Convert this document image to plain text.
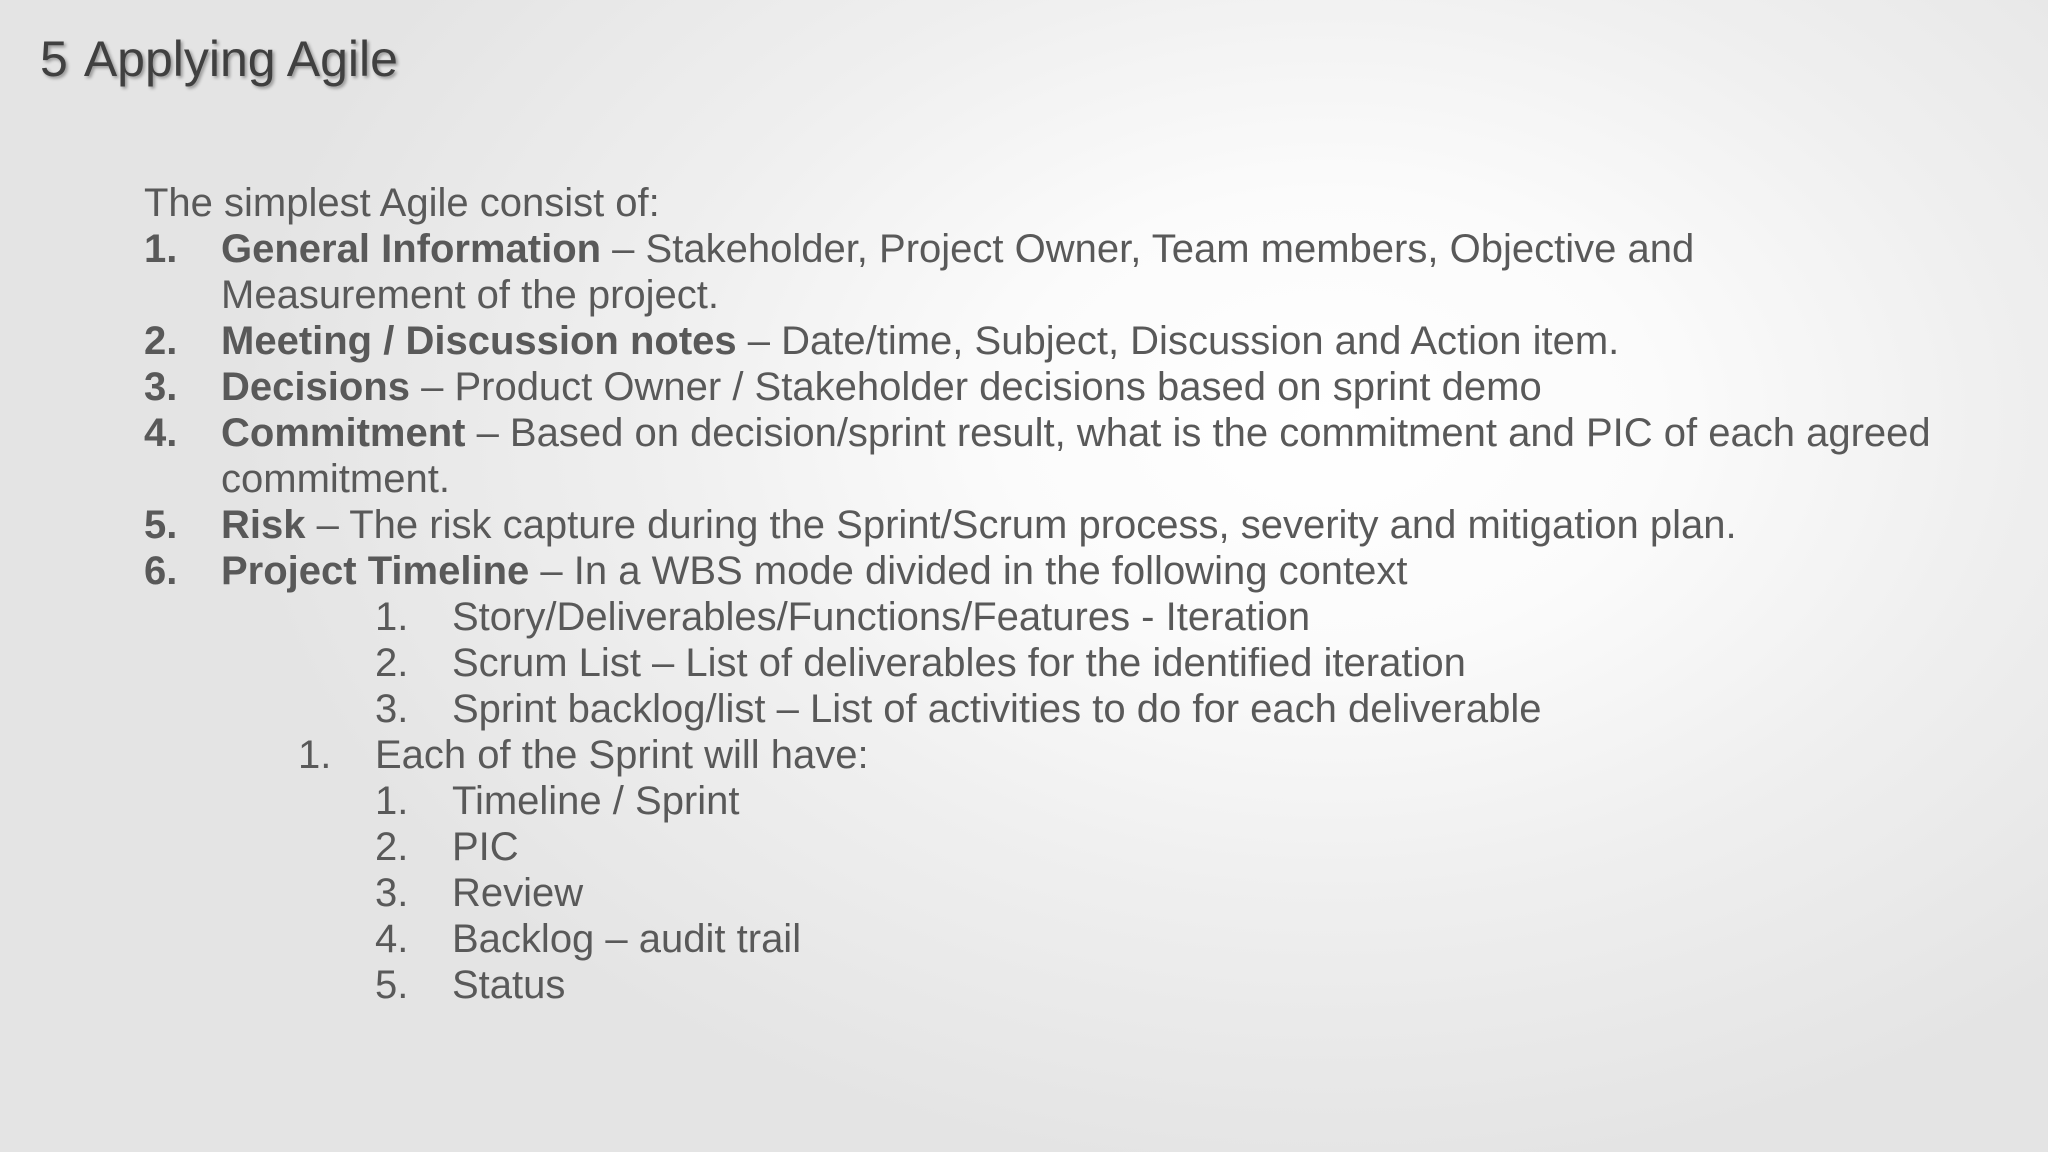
5 Applying Agile

The simplest Agile consist of:

1. General Information – Stakeholder, Project Owner, Team members, Objective and Measurement of the project.
2. Meeting / Discussion notes – Date/time, Subject, Discussion and Action item.
3. Decisions – Product Owner / Stakeholder decisions based on sprint demo
4. Commitment – Based on decision/sprint result, what is the commitment and PIC of each agreed commitment.
5. Risk – The risk capture during the Sprint/Scrum process, severity and mitigation plan.
6. Project Timeline – In a WBS mode divided in the following context
1. Story/Deliverables/Functions/Features - Iteration
2. Scrum List – List of deliverables for the identified iteration
3. Sprint backlog/list – List of activities to do for each deliverable
1. Each of the Sprint will have:
1. Timeline / Sprint
2. PIC
3. Review
4. Backlog – audit trail
5. Status
